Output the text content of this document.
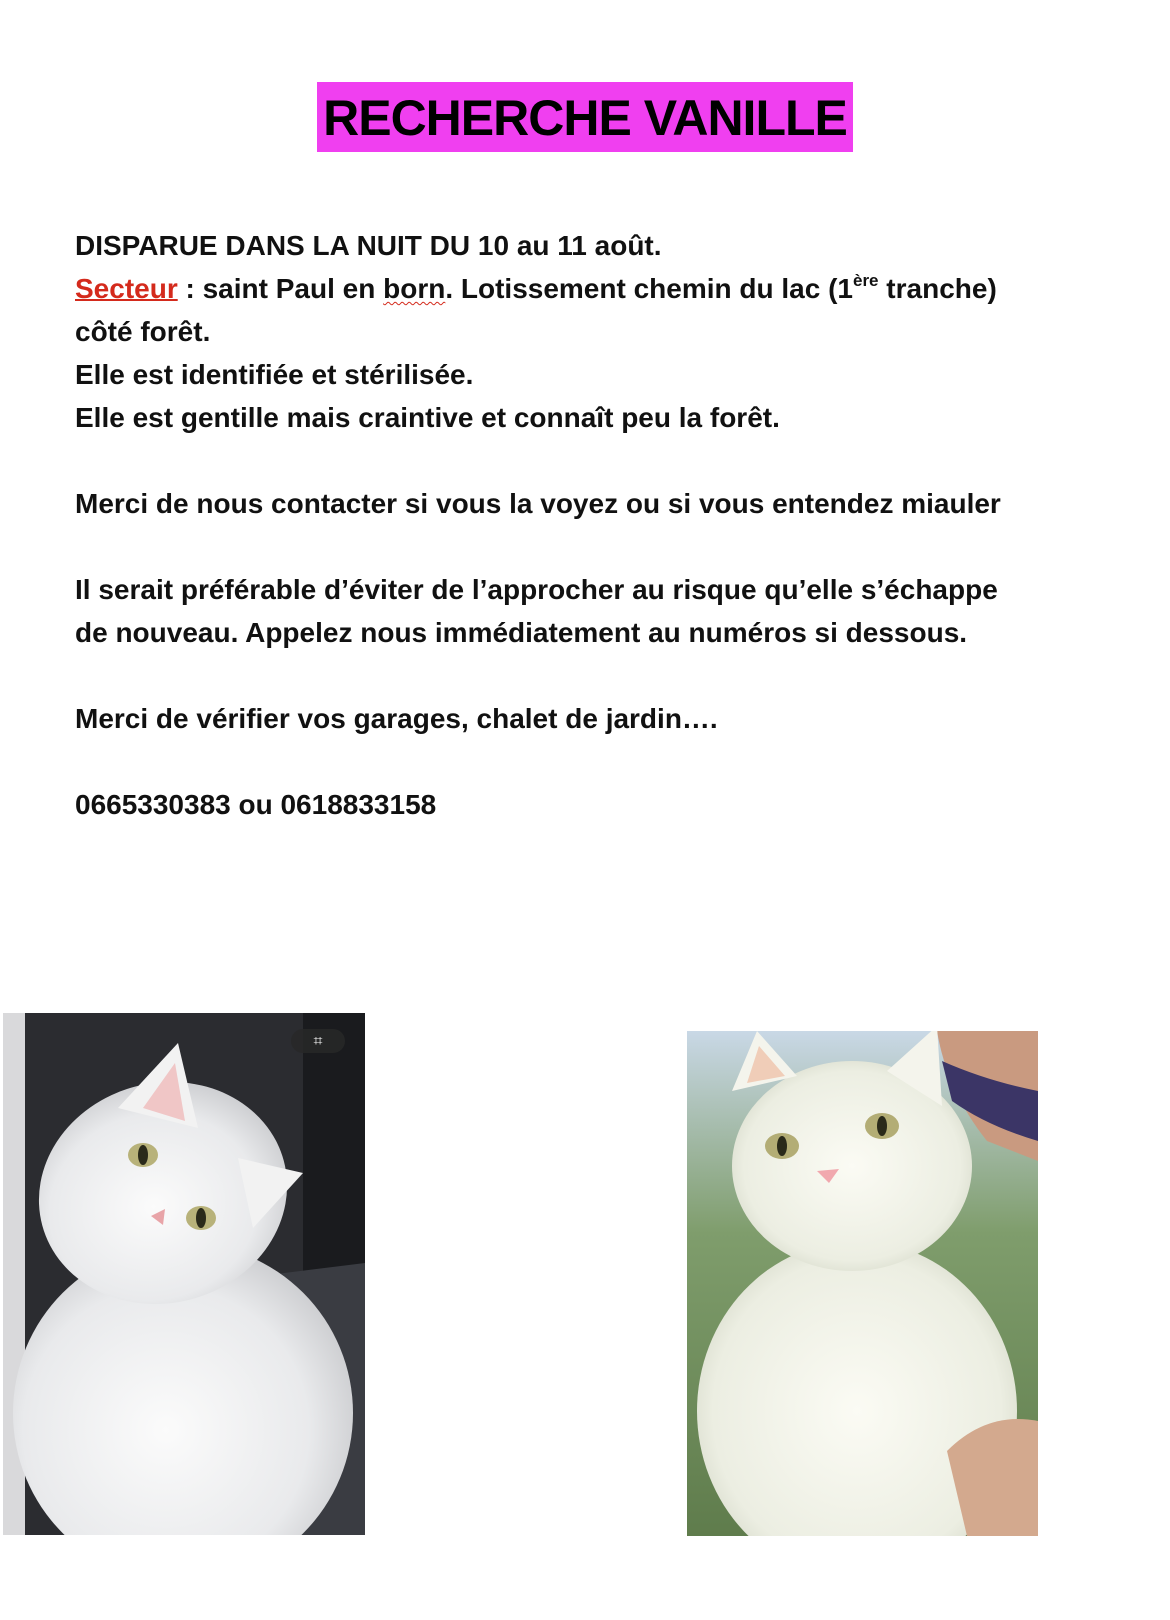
RECHERCHE VANILLE

DISPARUE DANS LA NUIT DU 10 au 11 août.

Secteur : saint Paul en born. Lotissement chemin du lac (1ère tranche)

côté forêt.

Elle est identifiée et stérilisée.

Elle est gentille mais craintive et connaît peu la forêt.

Merci de nous contacter si vous la voyez ou si vous entendez miauler

Il serait préférable d’éviter de l’approcher au risque qu’elle s’échappe

de nouveau. Appelez nous immédiatement au numéros si dessous.

Merci de vérifier vos garages, chalet de jardin….

0665330383 ou 0618833158

⌗
